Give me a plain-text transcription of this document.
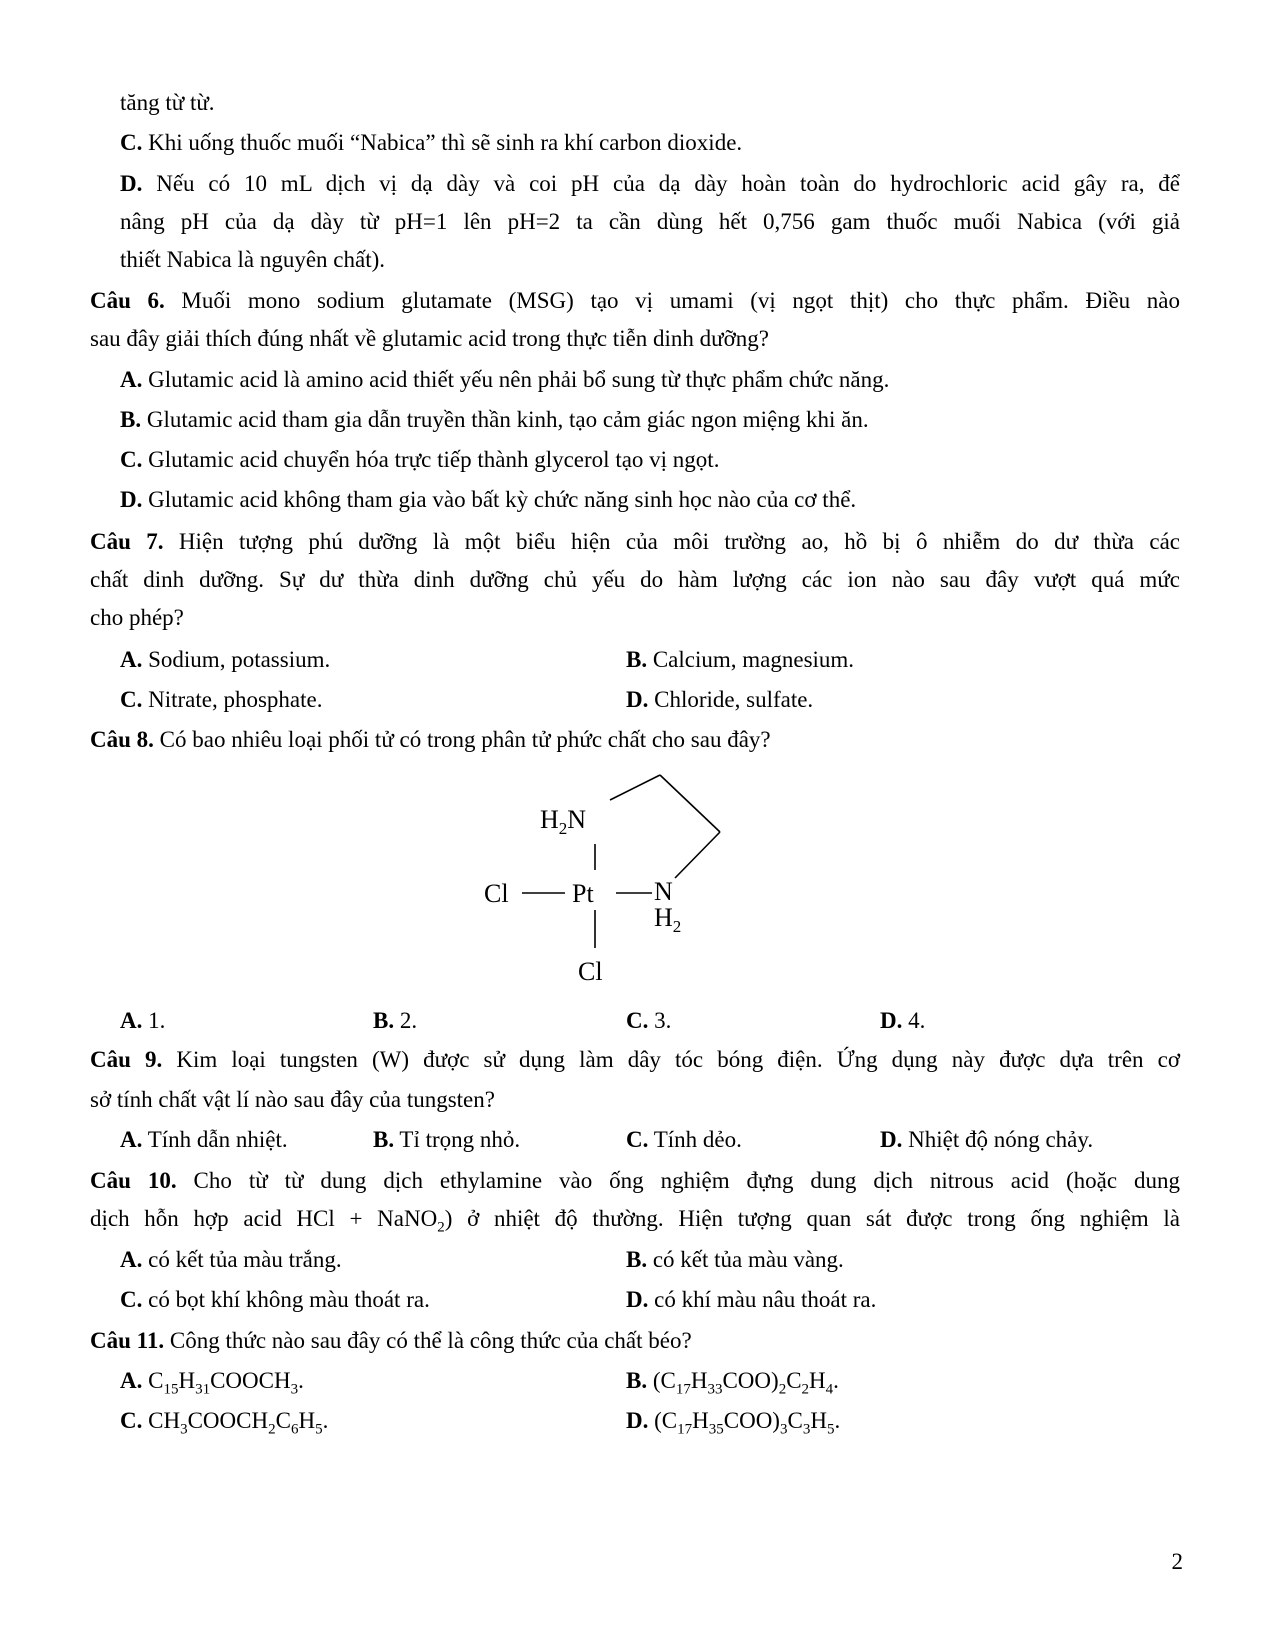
tăng từ từ.
C. Khi uống thuốc muối “Nabica” thì sẽ sinh ra khí carbon dioxide.
D. Nếu có 10 mL dịch vị dạ dày và coi pH của dạ dày hoàn toàn do hydrochloric acid gây ra, để
nâng pH của dạ dày từ pH=1 lên pH=2 ta cần dùng hết 0,756 gam thuốc muối Nabica (với giả
thiết Nabica là nguyên chất).
Câu 6. Muối mono sodium glutamate (MSG) tạo vị umami (vị ngọt thịt) cho thực phẩm. Điều nào
sau đây giải thích đúng nhất về glutamic acid trong thực tiễn dinh dưỡng?
A. Glutamic acid là amino acid thiết yếu nên phải bổ sung từ thực phẩm chức năng.
B. Glutamic acid tham gia dẫn truyền thần kinh, tạo cảm giác ngon miệng khi ăn.
C. Glutamic acid chuyển hóa trực tiếp thành glycerol tạo vị ngọt.
D. Glutamic acid không tham gia vào bất kỳ chức năng sinh học nào của cơ thể.
Câu 7. Hiện tượng phú dưỡng là một biểu hiện của môi trường ao, hồ bị ô nhiễm do dư thừa các
chất dinh dưỡng. Sự dư thừa dinh dưỡng chủ yếu do hàm lượng các ion nào sau đây vượt quá mức
cho phép?
A. Sodium, potassium.	B. Calcium, magnesium.
C. Nitrate, phosphate.	D. Chloride, sulfate.
Câu 8. Có bao nhiêu loại phối tử có trong phân tử phức chất cho sau đây?
$H_2N$
Cl Pt N
$H_2$
Cl
A. 1.	B. 2.	C. 3.	D. 4.
Câu 9. Kim loại tungsten (W) được sử dụng làm dây tóc bóng điện. Ứng dụng này được dựa trên cơ
sở tính chất vật lí nào sau đây của tungsten?
A. Tính dẫn nhiệt.	B. Tỉ trọng nhỏ.	C. Tính dẻo.	D. Nhiệt độ nóng chảy.
Câu 10. Cho từ từ dung dịch ethylamine vào ống nghiệm đựng dung dịch nitrous acid (hoặc dung
dịch hỗn hợp acid HCl + NaNO$_2$) ở nhiệt độ thường. Hiện tượng quan sát được trong ống nghiệm là
A. có kết tủa màu trắng.	B. có kết tủa màu vàng.
C. có bọt khí không màu thoát ra.	D. có khí màu nâu thoát ra.
Câu 11. Công thức nào sau đây có thể là công thức của chất béo?
A. $C_{15}H_{31}COOCH_3$.	B. $(C_{17}H_{33}COO)_2C_2H_4$.
C. $CH_3COOCH_2C_6H_5$.	D. $(C_{17}H_{35}COO)_3C_3H_5$.
2
